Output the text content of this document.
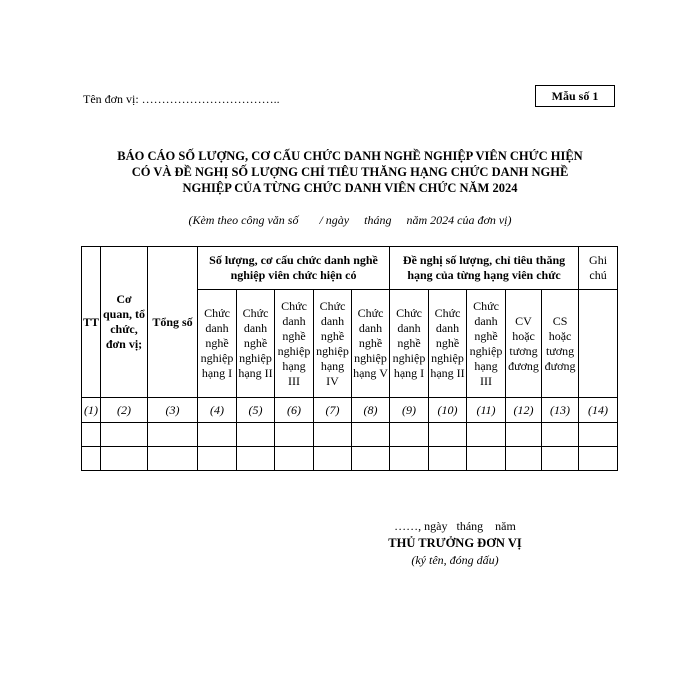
Tên đơn vị: ……………………………..	Mẫu số 1
BÁO CÁO SỐ LƯỢNG, CƠ CẤU CHỨC DANH NGHỀ NGHIỆP VIÊN CHỨC HIỆN
CÓ VÀ ĐỀ NGHỊ SỐ LƯỢNG CHỈ TIÊU THĂNG HẠNG CHỨC DANH NGHỀ
NGHIỆP CỦA TỪNG CHỨC DANH VIÊN CHỨC NĂM 2024
(Kèm theo công văn số       / ngày     tháng     năm 2024 của đơn vị)
TT	Cơ quan, tổ chức, đơn vị;	Tổng số	Số lượng, cơ cấu chức danh nghề nghiệp viên chức hiện có					Đề nghị số lượng, chỉ tiêu thăng hạng của từng hạng viên chức					Ghi chú
			Chức danh nghề nghiệp hạng I	Chức danh nghề nghiệp hạng II	Chức danh nghề nghiệp hạng III	Chức danh nghề nghiệp hạng IV	Chức danh nghề nghiệp hạng V	Chức danh nghề nghiệp hạng I	Chức danh nghề nghiệp hạng II	Chức danh nghề nghiệp hạng III	CV hoặc tương đương	CS hoặc tương đương	
(1)	(2)	(3)	(4)	(5)	(6)	(7)	(8)	(9)	(10)	(11)	(12)	(13)	(14)

……, ngày   tháng    năm
THỦ TRƯỞNG ĐƠN VỊ
(ký tên, đóng dấu)
